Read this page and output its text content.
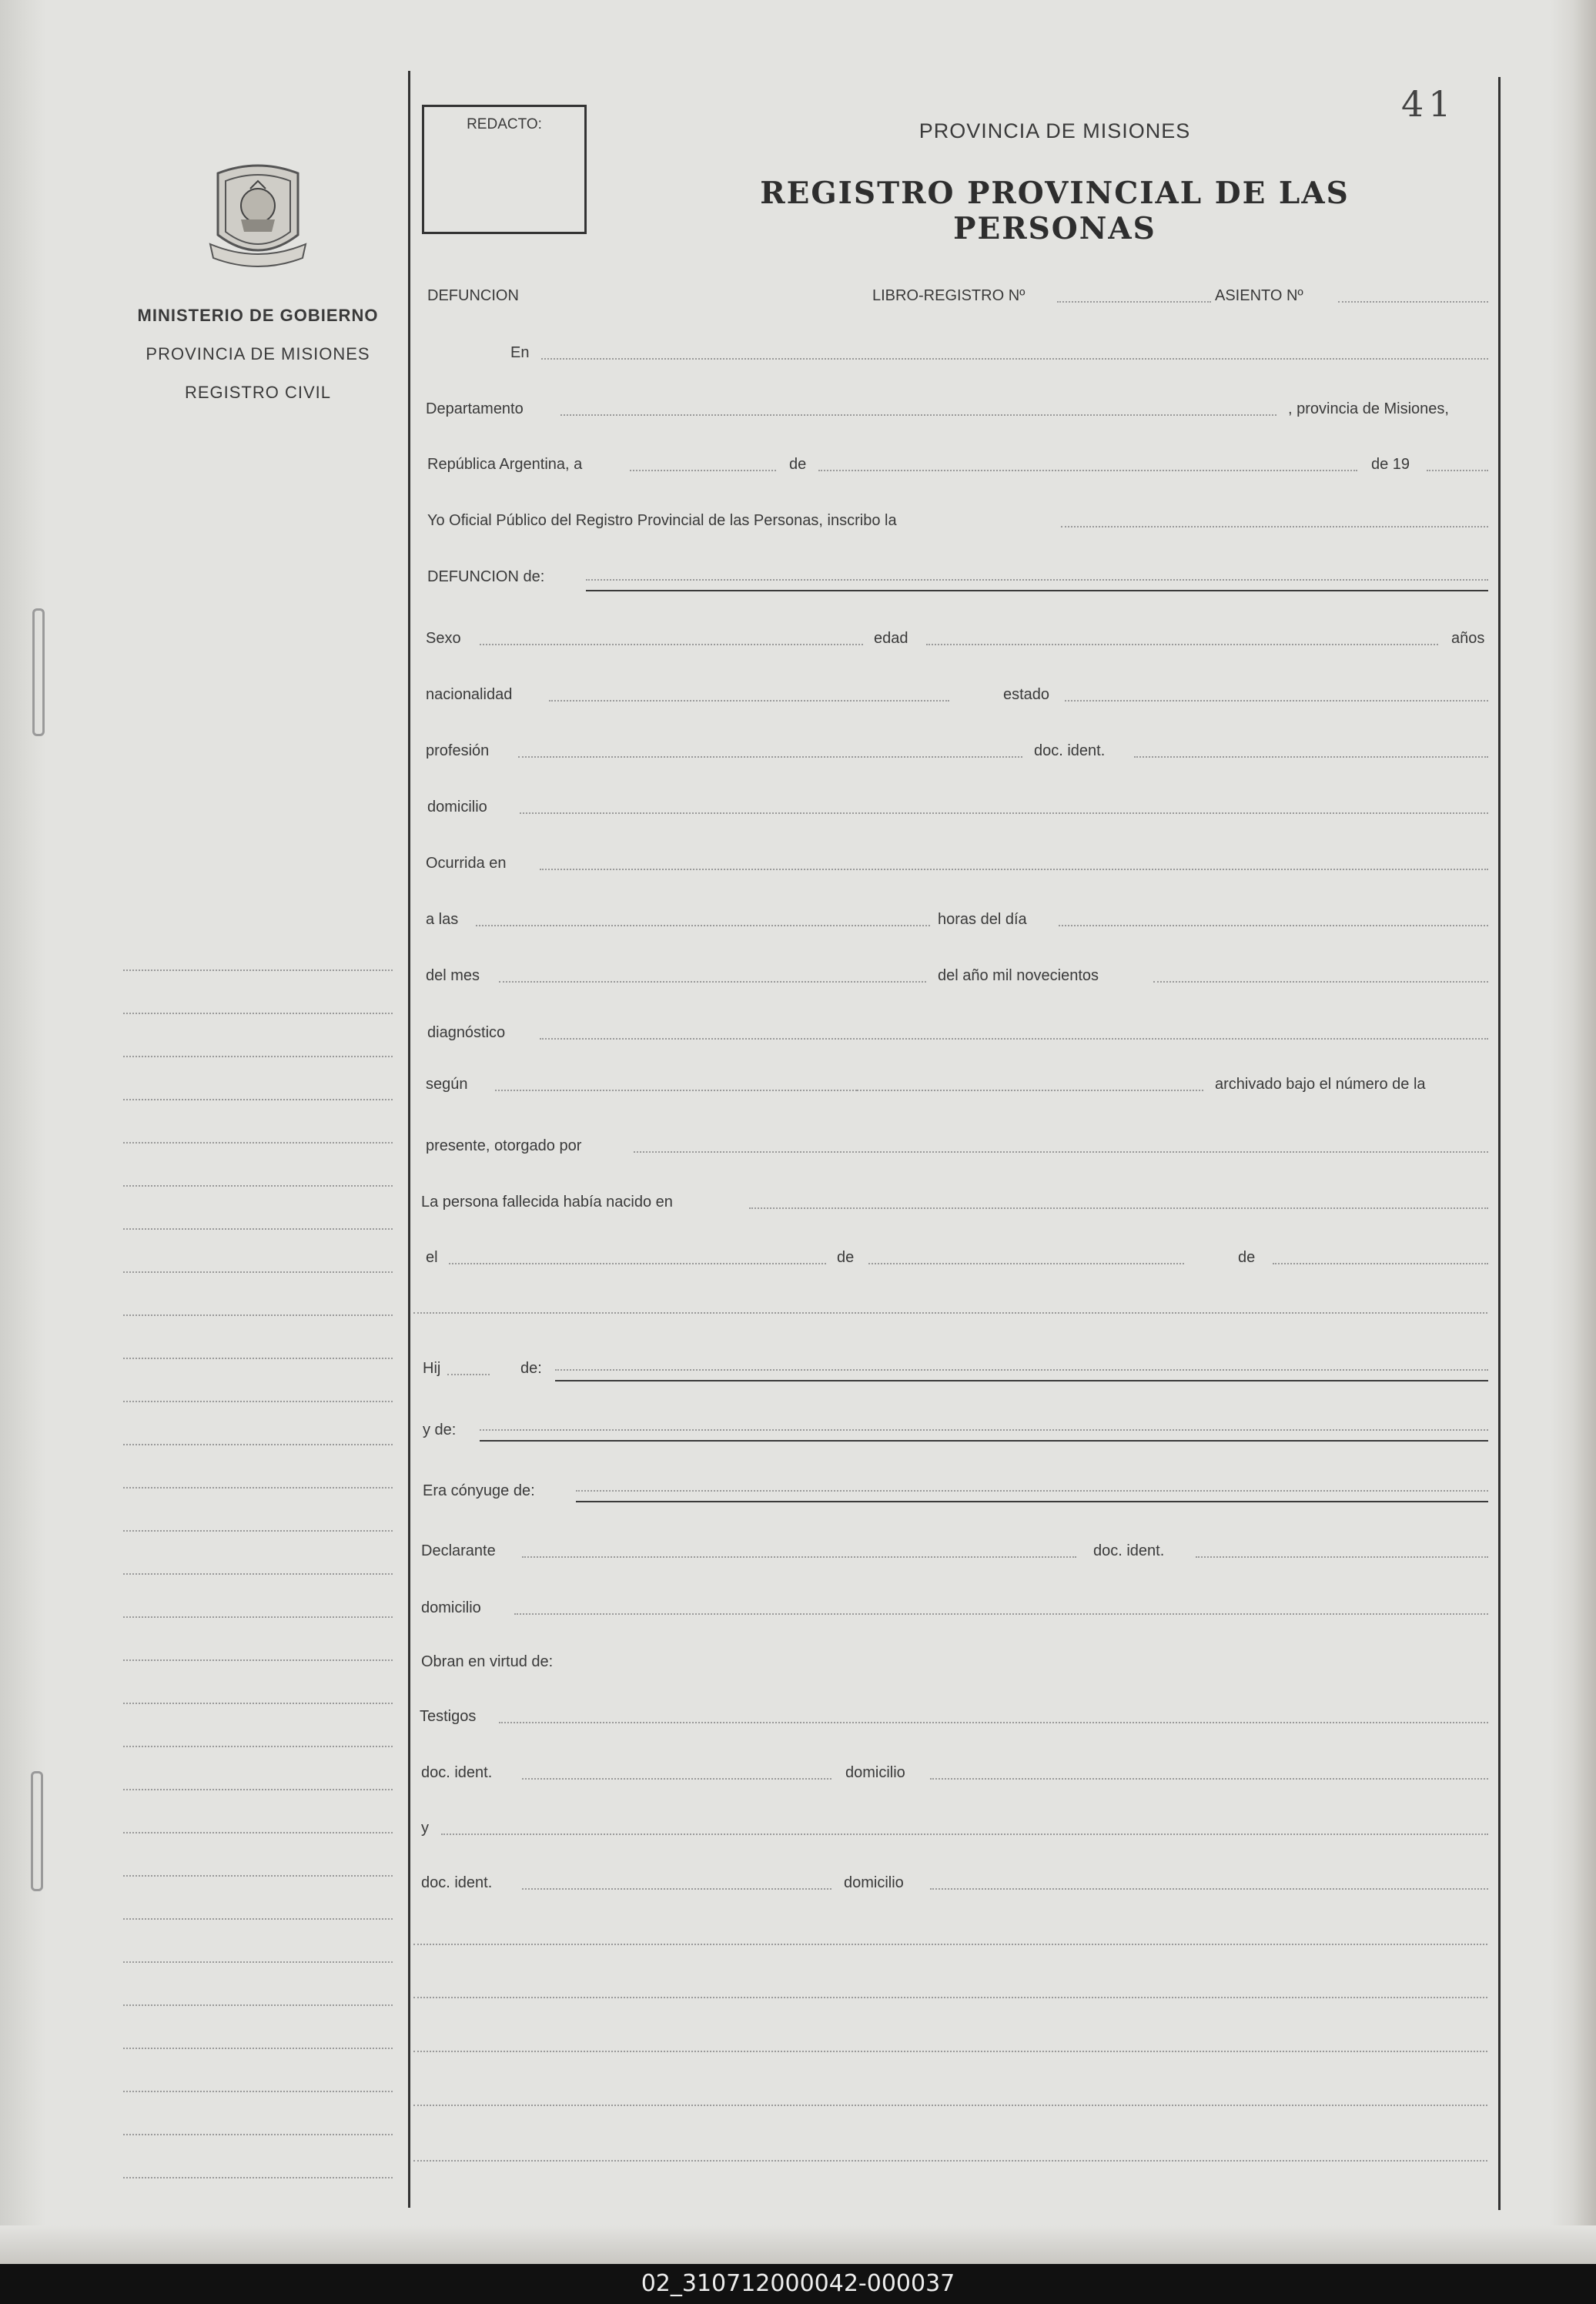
MINISTERIO DE GOBIERNO
PROVINCIA DE MISIONES
REGISTRO CIVIL
REDACTO:	PROVINCIA DE MISIONES
REGISTRO PROVINCIAL DE LAS PERSONAS
41
DEFUNCION	LIBRO-REGISTRO Nº	ASIENTO Nº
En
Departamento	, provincia de Misiones,
República Argentina, a	de	de 19
Yo Oficial Público del Registro Provincial de las Personas, inscribo la
DEFUNCION de:
Sexo	edad	años
nacionalidad	estado
profesión	doc. ident.
domicilio
Ocurrida en
a las	horas del día
del mes	del año mil novecientos
diagnóstico
según	archivado bajo el número de la
presente, otorgado por
La persona fallecida había nacido en
el	de	de
Hij	de:
y de:
Era cónyuge de:
Declarante	doc. ident.
domicilio
Obran en virtud de:
Testigos
doc. ident.	domicilio
y
doc. ident.	domicilio
02_310712000042-000037
